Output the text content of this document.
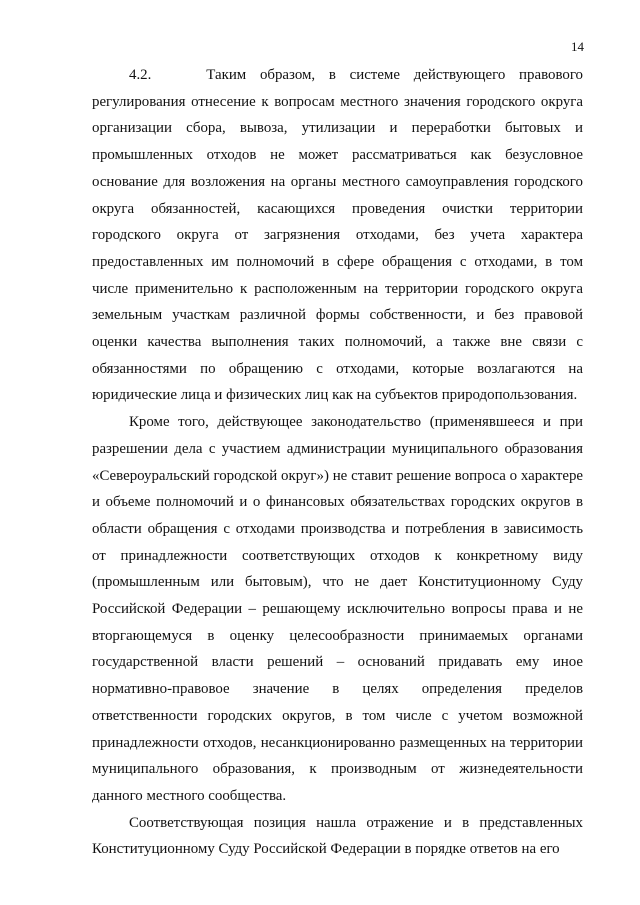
14

4.2.    Таким образом, в системе действующего правового регулирования отнесение к вопросам местного значения городского округа организации сбора, вывоза, утилизации и переработки бытовых и промышленных отходов не может рассматриваться как безусловное основание для возложения на органы местного самоуправления городского округа обязанностей, касающихся проведения очистки территории городского округа от загрязнения отходами, без учета характера предоставленных им полномочий в сфере обращения с отходами, в том числе применительно к расположенным на территории городского округа земельным участкам различной формы собственности, и без правовой оценки качества выполнения таких полномочий, а также вне связи с обязанностями по обращению с отходами, которые возлагаются на юридические лица и физических лиц как на субъектов природопользования.

Кроме того, действующее законодательство (применявшееся и при разрешении дела с участием администрации муниципального образования «Североуральский городской округ») не ставит решение вопроса о характере и объеме полномочий и о финансовых обязательствах городских округов в области обращения с отходами производства и потребления в зависимость от принадлежности соответствующих отходов к конкретному виду (промышленным или бытовым), что не дает Конституционному Суду Российской Федерации – решающему исключительно вопросы права и не вторгающемуся в оценку целесообразности принимаемых органами государственной власти решений – оснований придавать ему иное нормативно-правовое значение в целях определения пределов ответственности городских округов, в том числе с учетом возможной принадлежности отходов, несанкционированно размещенных на территории муниципального образования, к производным от жизнедеятельности данного местного сообщества.

Соответствующая позиция нашла отражение и в представленных Конституционному Суду Российской Федерации в порядке ответов на его
